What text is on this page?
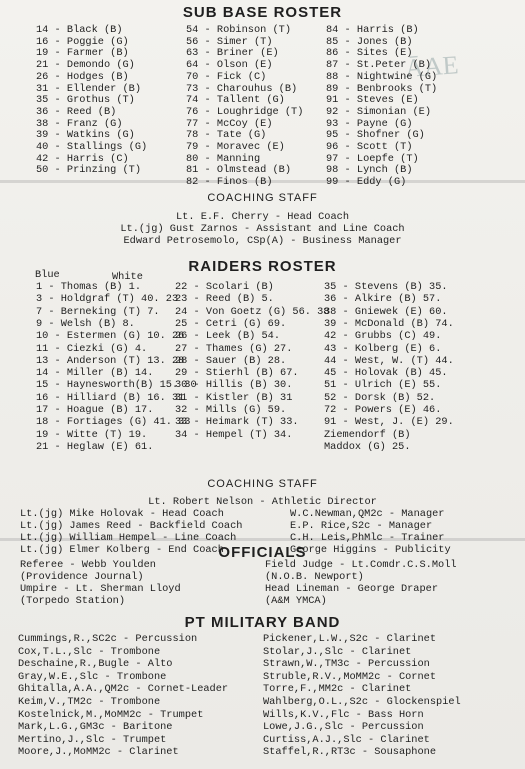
ĀAE
SUB BASE ROSTER
14 - Black (B)
16 - Poggie (G)
19 - Farmer (B)
21 - Demondo (G)
26 - Hodges (B)
31 - Ellender (B)
35 - Grothus (T)
36 - Reed (B)
38 - Franz (G)
39 - Watkins (G)
40 - Stallings (G)
42 - Harris (C)
50 - Prinzing (T)
54 - Robinson (T)
56 - Simer (T)
63 - Briner (E)
64 - Olson (E)
70 - Fick (C)
73 - Charouhus (B)
74 - Tallent (G)
76 - Loughridge (T)
77 - McCoy (E)
78 - Tate (G)
79 - Moravec (E)
80 - Manning
81 - Olmstead (B)
82 - Finos (B)
84 - Harris (B)
85 - Jones (B)
86 - Sites (E)
87 - St.Peter (B)
88 - Nightwine (G)
89 - Benbrooks (T)
91 - Steves (E)
92 - Simonian (E)
93 - Payne (G)
95 - Shofner (G)
96 - Scott (T)
97 - Loepfe (T)
98 - Lynch (B)
99 - Eddy (G)
COACHING STAFF
Lt. E.F. Cherry - Head Coach
Lt.(jg) Gust Zarnos - Assistant and Line Coach
Edward Petrosemolo, CSp(A) - Business Manager
RAIDERS ROSTER
Blue	White
1 - Thomas (B) 1.
3 - Holdgraf (T) 40. 23
7 - Berneking (T) 7.
9 - Welsh (B) 8.
10 - Estermen (G) 10. 26
11 - Ciezki (G) 4.
13 - Anderson (T) 13. 28
14 - Miller (B) 14.
15 - Haynesworth(B) 15. 30
16 - Hilliard (B) 16. 31
17 - Hoague (B) 17.
18 - Fortiages (G) 41. 33
19 - Witte (T) 19.
21 - Heglaw (E) 61.
22 - Scolari (B)
23 - Reed (B) 5.
24 - Von Goetz (G) 56. 38
25 - Cetri (G) 69.
26 - Leek (B) 54.
27 - Thames (G) 27.
28 - Sauer (B) 28.
29 - Stierhl (B) 67.
30 - Hillis (B) 30.
31 - Kistler (B) 31
32 - Mills (G) 59.
33 - Heimark (T) 33.
34 - Hempel (T) 34.
35 - Stevens (B) 35.
36 - Alkire (B) 57.
38 - Gniewek (E) 60.
39 - McDonald (B) 74.
42 - Grubbs (C) 49.
43 - Kolberg (E) 6.
44 - West, W. (T) 44.
45 - Holovak (B) 45.
51 - Ulrich (E) 55.
52 - Dorsk (B) 52.
72 - Powers (E) 46.
91 - West, J. (E) 29.
Ziemendorf (B)
Maddox (G) 25.
COACHING STAFF
Lt. Robert Nelson - Athletic Director
Lt.(jg) Mike Holovak - Head Coach
Lt.(jg) James Reed - Backfield Coach
Lt.(jg) William Hempel - Line Coach
Lt.(jg) Elmer Kolberg - End Coach
W.C.Newman,QM2c - Manager
E.P. Rice,S2c - Manager
C.H. Leis,PhMlc - Trainer
George Higgins - Publicity
OFFICIALS
Referee - Webb Youlden
(Providence Journal)
Umpire - Lt. Sherman Lloyd
(Torpedo Station)
Field Judge - Lt.Comdr.C.S.Moll
(N.O.B. Newport)
Head Lineman - George Draper
(A&M YMCA)
PT MILITARY BAND
Cummings,R.,SC2c - Percussion
Cox,T.L.,Slc - Trombone
Deschaine,R.,Bugle - Alto
Gray,W.E.,Slc - Trombone
Ghitalla,A.A.,QM2c - Cornet-Leader
Keim,V.,TM2c - Trombone
Kostelnick,M.,MoMM2c - Trumpet
Mark,L.G.,GM3c - Baritone
Mertino,J.,Slc - Trumpet
Moore,J.,MoMM2c - Clarinet
Pickener,L.W.,S2c - Clarinet
Stolar,J.,Slc - Clarinet
Strawn,W.,TM3c - Percussion
Struble,R.V.,MoMM2c - Cornet
Torre,F.,MM2c - Clarinet
Wahlberg,O.L.,S2c - Glockenspiel
Wills,K.V.,Flc - Bass Horn
Lowe,J.G.,Slc - Percussion
Curtiss,A.J.,Slc - Clarinet
Staffel,R.,RT3c - Sousaphone
